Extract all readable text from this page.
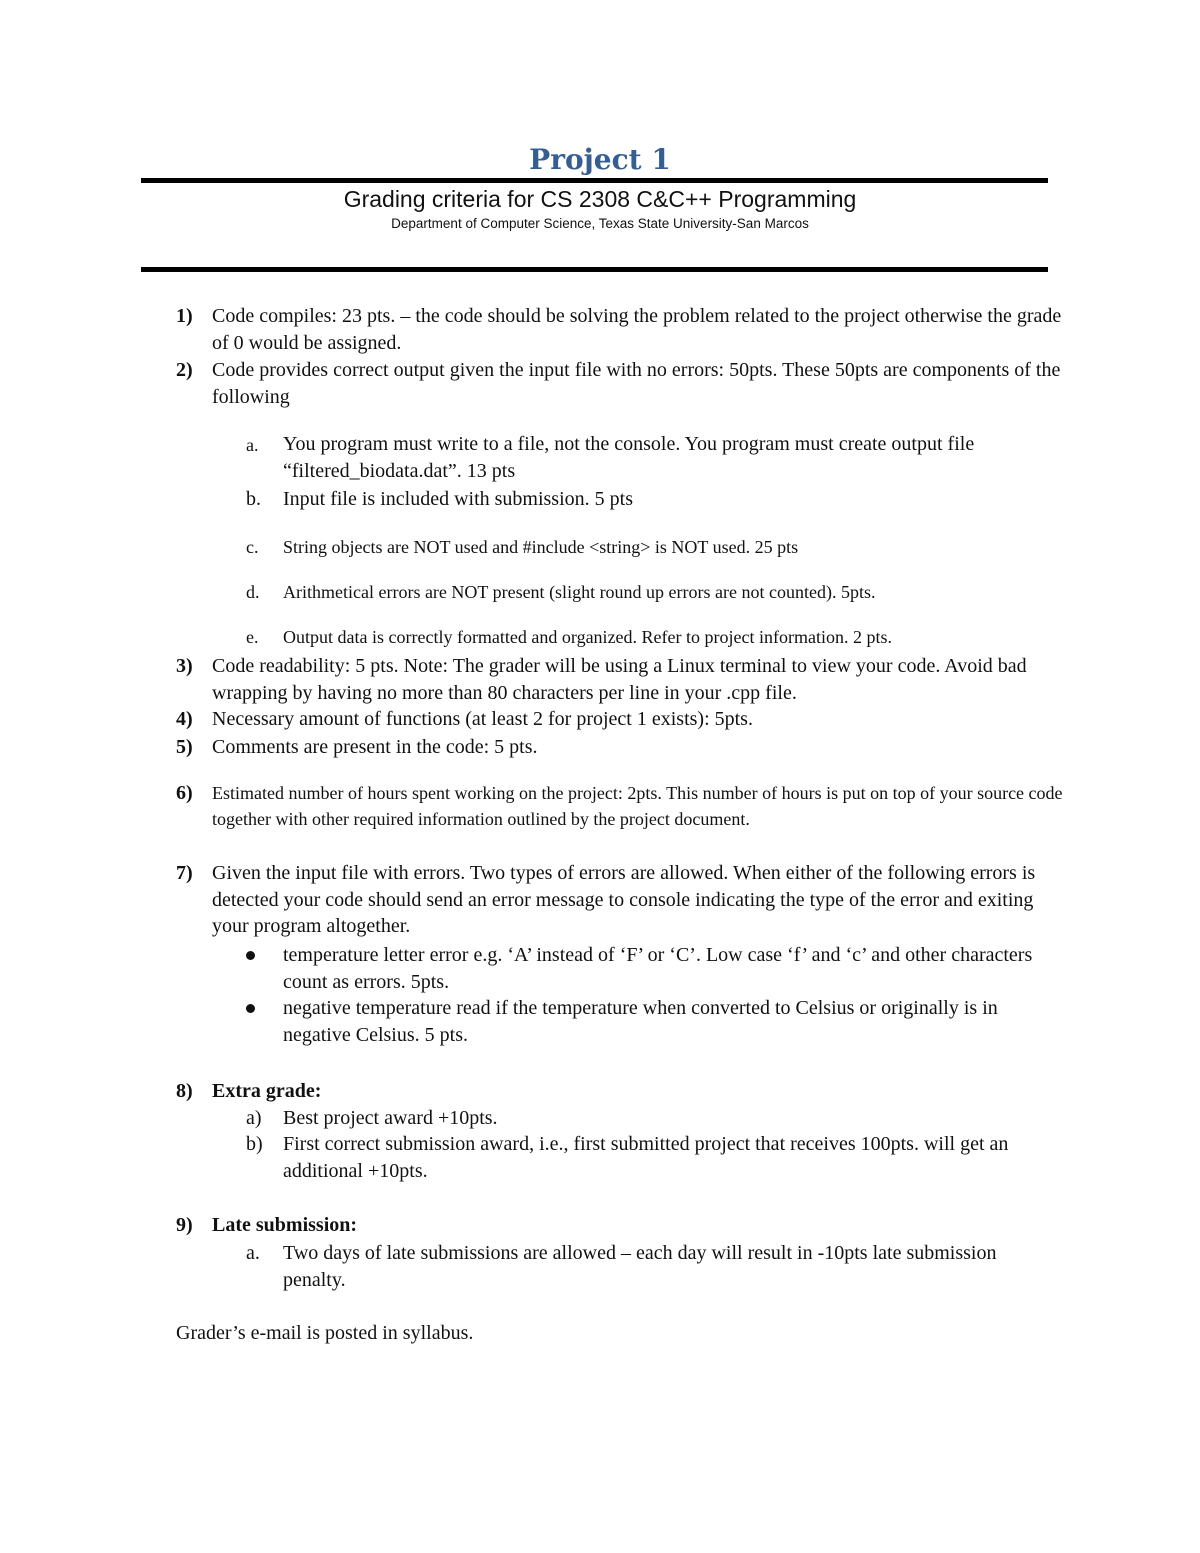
Project 1
Grading criteria for CS 2308 C&C++ Programming
Department of Computer Science, Texas State University-San Marcos
1) Code compiles: 23 pts. – the code should be solving the problem related to the project otherwise the grade of 0 would be assigned.

2) Code provides correct output given the input file with no errors: 50pts. These 50pts are components of the following

a. You program must write to a file, not the console. You program must create output file “filtered_biodata.dat”. 13 pts

b. Input file is included with submission. 5 pts

c. String objects are NOT used and #include <string> is NOT used. 25 pts

d. Arithmetical errors are NOT present (slight round up errors are not counted). 5pts.

e. Output data is correctly formatted and organized. Refer to project information. 2 pts.

3) Code readability: 5 pts. Note: The grader will be using a Linux terminal to view your code. Avoid bad wrapping by having no more than 80 characters per line in your .cpp file.

4) Necessary amount of functions (at least 2 for project 1 exists): 5pts.

5) Comments are present in the code: 5 pts.

6) Estimated number of hours spent working on the project: 2pts. This number of hours is put on top of your source code together with other required information outlined by the project document.

7) Given the input file with errors. Two types of errors are allowed. When either of the following errors is detected your code should send an error message to console indicating the type of the error and exiting your program altogether.

temperature letter error e.g. ‘A’ instead of ‘F’ or ‘C’. Low case ‘f’ and ‘c’ and other characters count as errors. 5pts.

negative temperature read if the temperature when converted to Celsius or originally is in negative Celsius. 5 pts.

8) Extra grade:

a) Best project award +10pts.

b) First correct submission award, i.e., first submitted project that receives 100pts. will get an additional +10pts.

9) Late submission:

a. Two days of late submissions are allowed – each day will result in -10pts late submission penalty.

Grader’s e-mail is posted in syllabus.
